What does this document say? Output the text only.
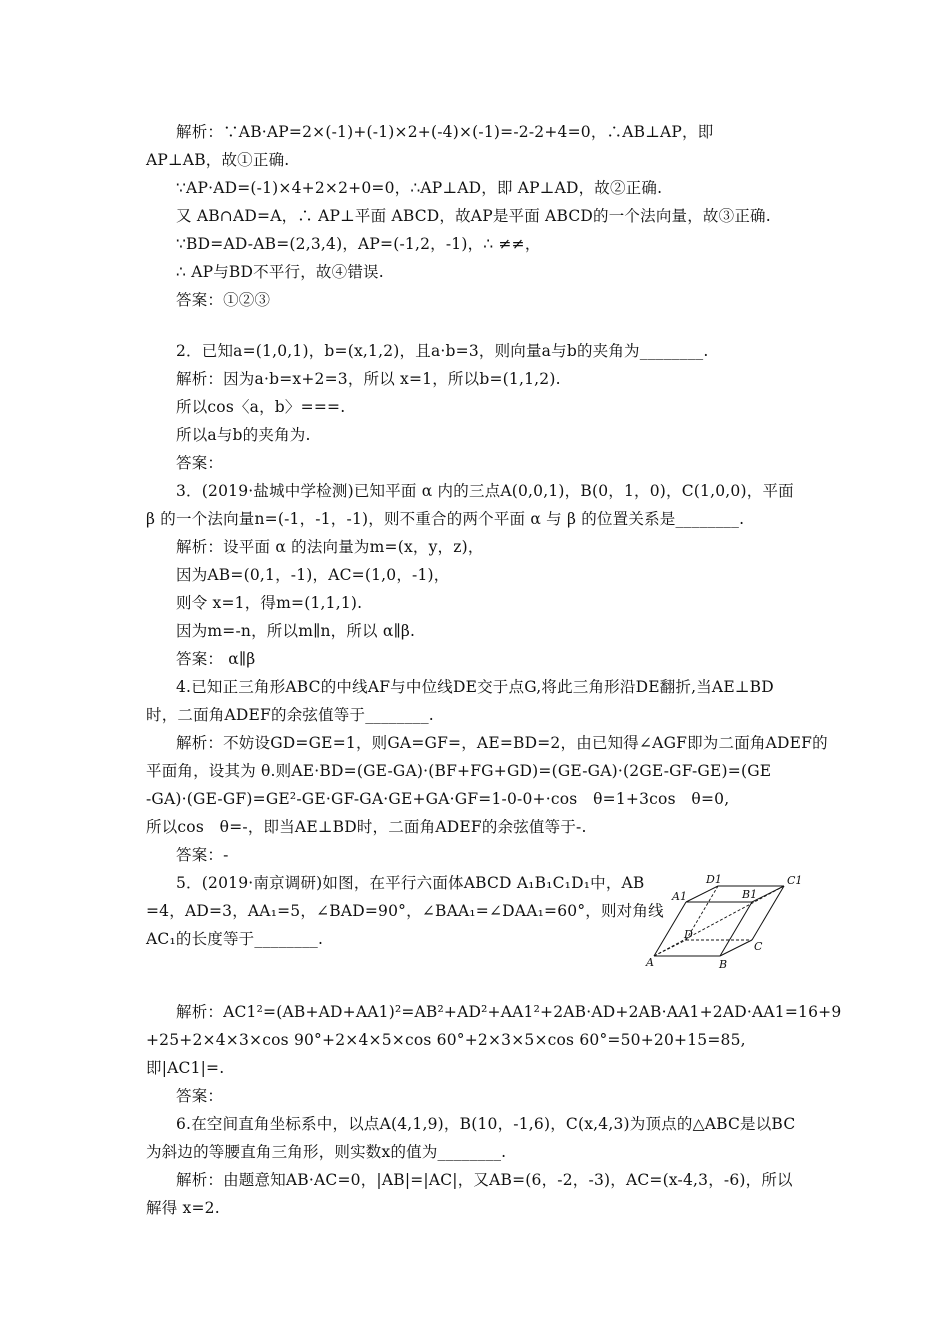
解析：∵AB·AP=2×(-1)+(-1)×2+(-4)×(-1)=-2-2+4=0，∴AB⊥AP，即
AP⊥AB，故①正确.
∵AP·AD=(-1)×4+2×2+0=0，∴AP⊥AD，即 AP⊥AD，故②正确.
又 AB∩AD=A，∴ AP⊥平面 ABCD，故AP是平面 ABCD的一个法向量，故③正确.
∵BD=AD-AB=(2,3,4)，AP=(-1,2，-1)，∴ ≠≠，
∴ AP与BD不平行，故④错误.
答案：①②③
2．已知a=(1,0,1)，b=(x,1,2)，且a·b=3，则向量a与b的夹角为________.
解析：因为a·b=x+2=3，所以 x=1，所以b=(1,1,2).
所以cos〈a，b〉===.
所以a与b的夹角为.
答案：
3．(2019·盐城中学检测)已知平面 α 内的三点A(0,0,1)，B(0，1，0)，C(1,0,0)，平面
β 的一个法向量n=(-1，-1，-1)，则不重合的两个平面 α 与 β 的位置关系是________.
解析：设平面 α 的法向量为m=(x，y，z)，
因为AB=(0,1，-1)，AC=(1,0，-1)，
则令 x=1，得m=(1,1,1).
因为m=-n，所以m∥n，所以 α∥β.
答案： α∥β
4.已知正三角形ABC的中线AF与中位线DE交于点G,将此三角形沿DE翻折,当AE⊥BD
时，二面角ADEF的余弦值等于________.
解析：不妨设GD=GE=1，则GA=GF=，AE=BD=2，由已知得∠AGF即为二面角ADEF的
平面角，设其为 θ.则AE·BD=(GE-GA)·(BF+FG+GD)=(GE-GA)·(2GE-GF-GE)=(GE
-GA)·(GE-GF)=GE²-GE·GF-GA·GE+GA·GF=1-0-0+·cos　θ=1+3cos　θ=0,
所以cos　θ=-，即当AE⊥BD时，二面角ADEF的余弦值等于-.
答案：-
5．(2019·南京调研)如图，在平行六面体ABCD A₁B₁C₁D₁中，AB
=4，AD=3，AA₁=5，∠BAD=90°，∠BAA₁=∠DAA₁=60°，则对角线
AC₁的长度等于________.
D1	C1
A1	B1
D
C
A	B
解析：AC1²=(AB+AD+AA1)²=AB²+AD²+AA1²+2AB·AD+2AB·AA1+2AD·AA1=16+9
+25+2×4×3×cos 90°+2×4×5×cos 60°+2×3×5×cos 60°=50+20+15=85,
即|AC1|=.
答案：
6.在空间直角坐标系中，以点A(4,1,9)，B(10，-1,6)，C(x,4,3)为顶点的△ABC是以BC
为斜边的等腰直角三角形，则实数x的值为________.
解析：由题意知AB·AC=0，|AB|=|AC|，又AB=(6，-2，-3)，AC=(x-4,3，-6)，所以
解得 x=2.
